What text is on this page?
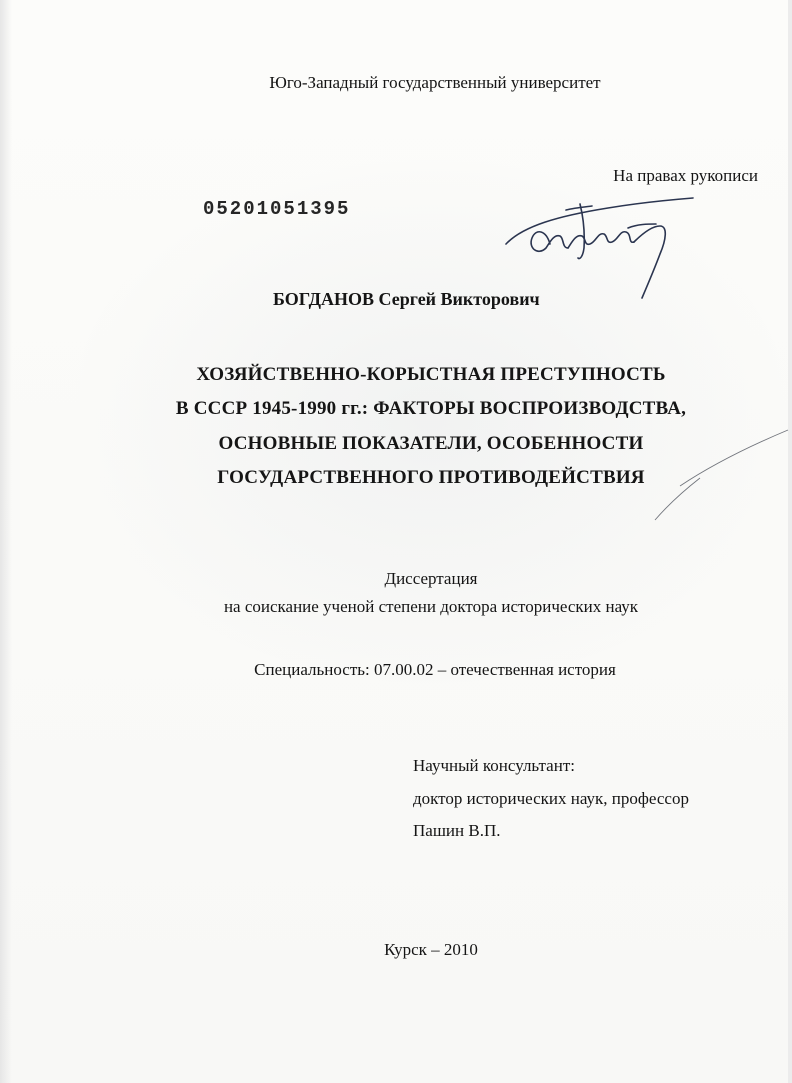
Юго-Западный государственный университет
На правах рукописи
05201051395
БОГДАНОВ Сергей Викторович
ХОЗЯЙСТВЕННО-КОРЫСТНАЯ ПРЕСТУПНОСТЬ
В СССР 1945-1990 гг.: ФАКТОРЫ ВОСПРОИЗВОДСТВА,
ОСНОВНЫЕ ПОКАЗАТЕЛИ, ОСОБЕННОСТИ
ГОСУДАРСТВЕННОГО ПРОТИВОДЕЙСТВИЯ
Диссертация
на соискание ученой степени доктора исторических наук
Специальность: 07.00.02 – отечественная история
Научный консультант:
доктор исторических наук, профессор
Пашин В.П.
Курск – 2010
